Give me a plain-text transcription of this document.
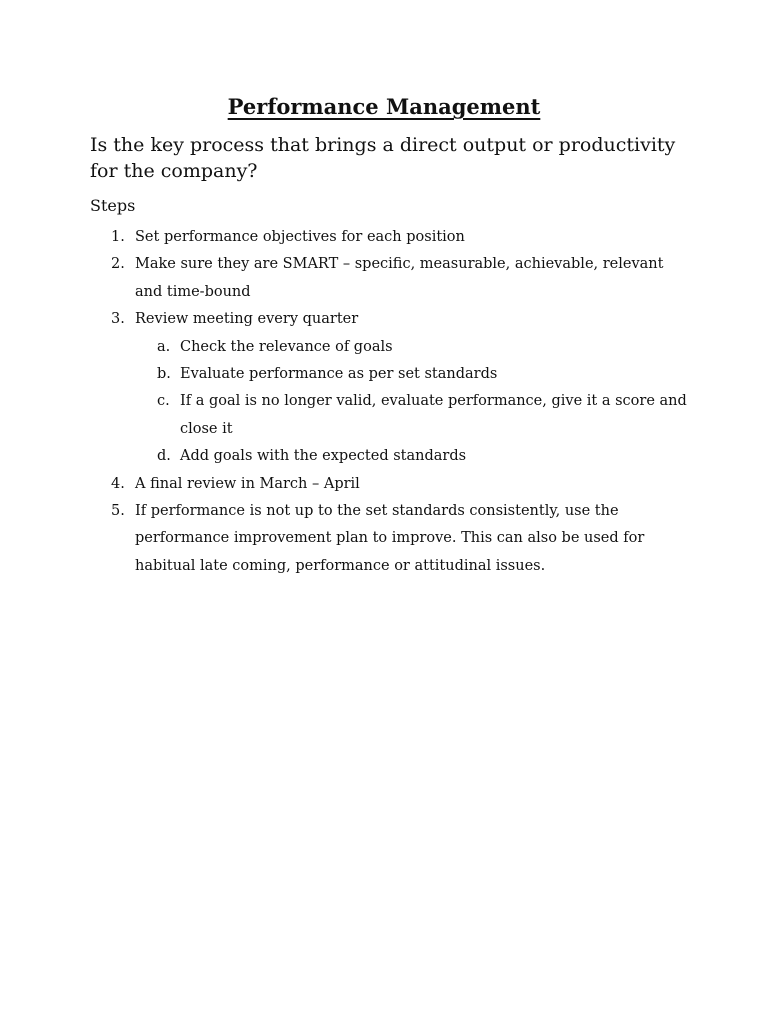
Performance Management

Is the key process that brings a direct output or productivity for the company?

Steps

1. Set performance objectives for each position
2. Make sure they are SMART – specific, measurable, achievable, relevant and time-bound
3. Review meeting every quarter
a. Check the relevance of goals
b. Evaluate performance as per set standards
c. If a goal is no longer valid, evaluate performance, give it a score and close it
d. Add goals with the expected standards
4. A final review in March – April
5. If performance is not up to the set standards consistently, use the performance improvement plan to improve. This can also be used for habitual late coming, performance or attitudinal issues.
